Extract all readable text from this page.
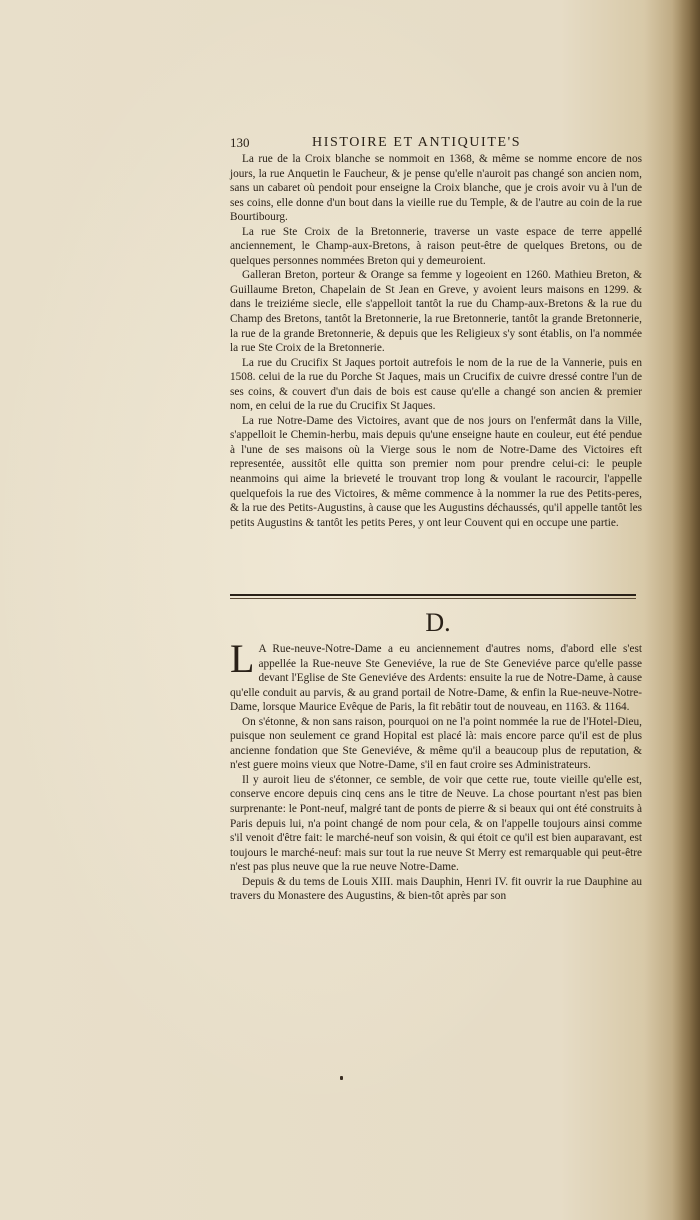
130	HISTOIRE ET ANTIQUITE'S

La rue de la Croix blanche se nommoit en 1368, & même se nomme encore de nos jours, la rue Anquetin le Faucheur, & je pense qu'elle n'auroit pas changé son ancien nom, sans un cabaret où pendoit pour enseigne la Croix blanche, que je crois avoir vu à l'un de ses coins, elle donne d'un bout dans la vieille rue du Temple, & de l'autre au coin de la rue Bourtibourg.

La rue Ste Croix de la Bretonnerie, traverse un vaste espace de terre appellé anciennement, le Champ-aux-Bretons, à raison peut-être de quelques Bretons, ou de quelques personnes nommées Breton qui y demeuroient.

Galleran Breton, porteur & Orange sa femme y logeoient en 1260. Mathieu Breton, & Guillaume Breton, Chapelain de St Jean en Greve, y avoient leurs maisons en 1299. & dans le treiziéme siecle, elle s'appelloit tantôt la rue du Champ-aux-Bretons & la rue du Champ des Bretons, tantôt la Bretonnerie, la rue Bretonnerie, tantôt la grande Bretonnerie, la rue de la grande Bretonnerie, & depuis que les Religieux s'y sont établis, on l'a nommée la rue Ste Croix de la Bretonnerie.

La rue du Crucifix St Jaques portoit autrefois le nom de la rue de la Vannerie, puis en 1508. celui de la rue du Porche St Jaques, mais un Crucifix de cuivre dressé contre l'un de ses coins, & couvert d'un dais de bois est cause qu'elle a changé son ancien & premier nom, en celui de la rue du Crucifix St Jaques.

La rue Notre-Dame des Victoires, avant que de nos jours on l'enfermât dans la Ville, s'appelloit le Chemin-herbu, mais depuis qu'une enseigne haute en couleur, eut été pendue à l'une de ses maisons où la Vierge sous le nom de Notre-Dame des Victoires eft representée, aussitôt elle quitta son premier nom pour prendre celui-ci: le peuple neanmoins qui aime la brieveté le trouvant trop long & voulant le racourcir, l'appelle quelquefois la rue des Victoires, & même commence à la nommer la rue des Petits-peres, & la rue des Petits-Augustins, à cause que les Augustins déchaussés, qu'il appelle tantôt les petits Augustins & tantôt les petits Peres, y ont leur Couvent qui en occupe une partie.

D.

L A Rue-neuve-Notre-Dame a eu anciennement d'autres noms, d'abord elle s'est appellée la Rue-neuve Ste Geneviéve, la rue de Ste Geneviéve parce qu'elle passe devant l'Eglise de Ste Geneviéve des Ardents: ensuite la rue de Notre-Dame, à cause qu'elle conduit au parvis, & au grand portail de Notre-Dame, & enfin la Rue-neuve-Notre-Dame, lorsque Maurice Evêque de Paris, la fit rebâtir tout de nouveau, en 1163. & 1164.

On s'étonne, & non sans raison, pourquoi on ne l'a point nommée la rue de l'Hotel-Dieu, puisque non seulement ce grand Hopital est placé là: mais encore parce qu'il est de plus ancienne fondation que Ste Geneviéve, & même qu'il a beaucoup plus de reputation, & n'est guere moins vieux que Notre-Dame, s'il en faut croire ses Administrateurs.

Il y auroit lieu de s'étonner, ce semble, de voir que cette rue, toute vieille qu'elle est, conserve encore depuis cinq cens ans le titre de Neuve. La chose pourtant n'est pas bien surprenante: le Pont-neuf, malgré tant de ponts de pierre & si beaux qui ont été construits à Paris depuis lui, n'a point changé de nom pour cela, & on l'appelle toujours ainsi comme s'il venoit d'être fait: le marché-neuf son voisin, & qui étoit ce qu'il est bien auparavant, est toujours le marché-neuf: mais sur tout la rue neuve St Merry est remarquable qui peut-être n'est pas plus neuve que la rue neuve Notre-Dame.

Depuis & du tems de Louis XIII. mais Dauphin, Henri IV. fit ouvrir la rue Dauphine au travers du Monastere des Augustins, & bien-tôt après par son
